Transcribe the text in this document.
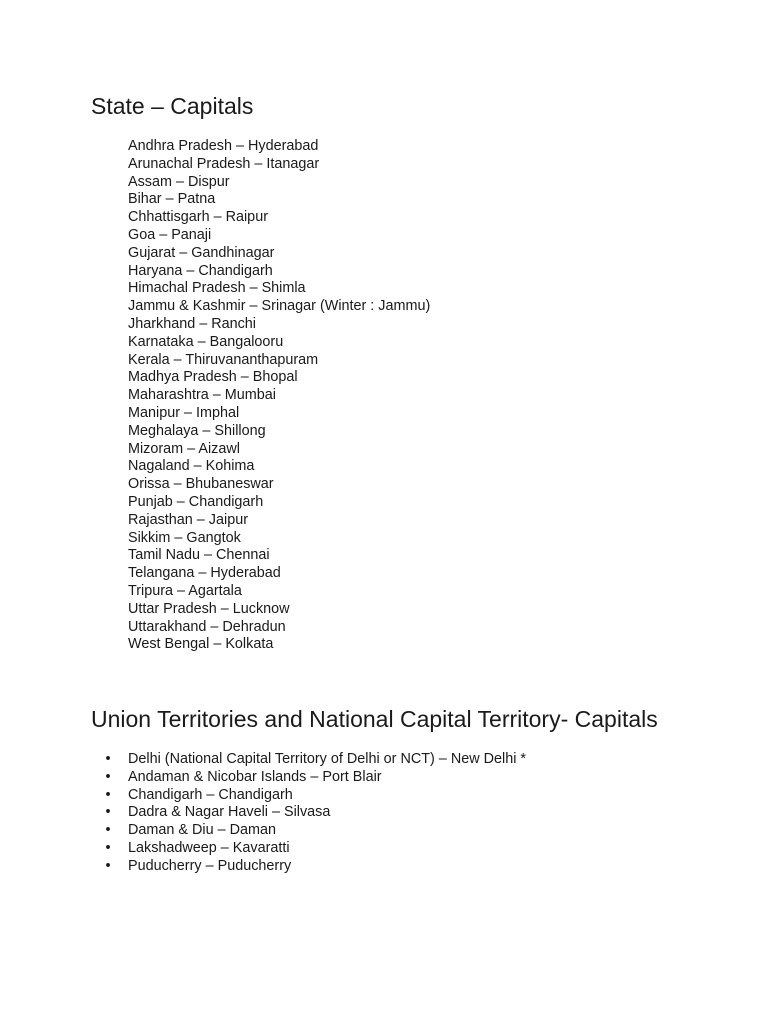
State – Capitals
Andhra Pradesh – Hyderabad
Arunachal Pradesh – Itanagar
Assam – Dispur
Bihar – Patna
Chhattisgarh – Raipur
Goa – Panaji
Gujarat – Gandhinagar
Haryana – Chandigarh
Himachal Pradesh – Shimla
Jammu & Kashmir – Srinagar (Winter : Jammu)
Jharkhand – Ranchi
Karnataka – Bangalooru
Kerala – Thiruvananthapuram
Madhya Pradesh – Bhopal
Maharashtra – Mumbai
Manipur – Imphal
Meghalaya – Shillong
Mizoram – Aizawl
Nagaland – Kohima
Orissa – Bhubaneswar
Punjab – Chandigarh
Rajasthan – Jaipur
Sikkim – Gangtok
Tamil Nadu – Chennai
Telangana – Hyderabad
Tripura – Agartala
Uttar Pradesh – Lucknow
Uttarakhand – Dehradun
West Bengal – Kolkata
Union Territories and National Capital Territory- Capitals
• Delhi (National Capital Territory of Delhi or NCT) – New Delhi *
• Andaman & Nicobar Islands – Port Blair
• Chandigarh – Chandigarh
• Dadra & Nagar Haveli – Silvasa
• Daman & Diu – Daman
• Lakshadweep – Kavaratti
• Puducherry – Puducherry
